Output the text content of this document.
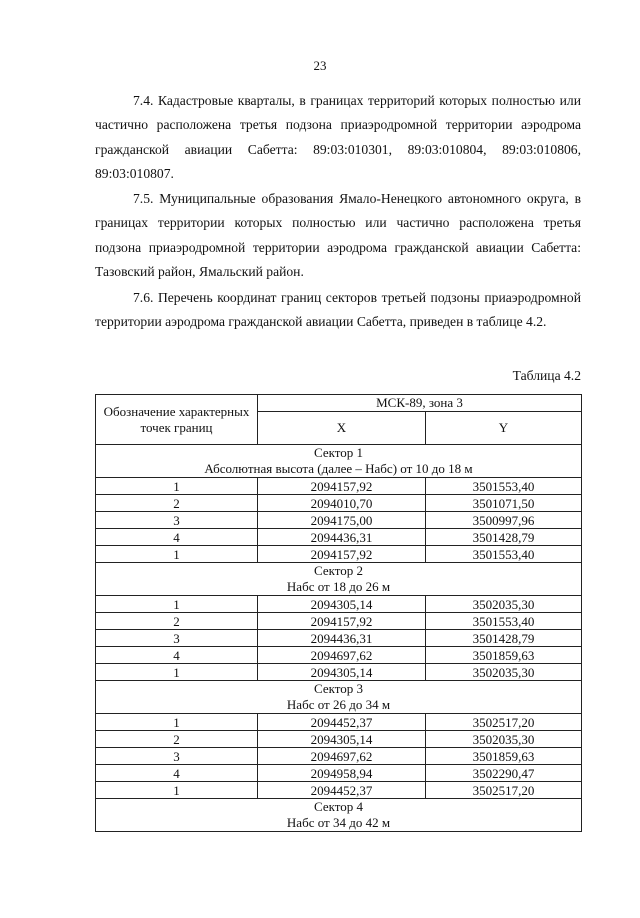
23

7.4. Кадастровые кварталы, в границах территорий которых полностью или частично расположена третья подзона приаэродромной территории аэродрома гражданской авиации Сабетта: 89:03:010301, 89:03:010804, 89:03:010806, 89:03:010807.

7.5. Муниципальные образования Ямало-Ненецкого автономного округа, в границах территории которых полностью или частично расположена третья подзона приаэродромной территории аэродрома гражданской авиации Сабетта: Тазовский район, Ямальский район.

7.6. Перечень координат границ секторов третьей подзоны приаэродромной территории аэродрома гражданской авиации Сабетта, приведен в таблице 4.2.

Таблица 4.2
Обозначение характерных точек границ	МСК-89, зона 3	
	X	Y

Сектор 1
Абсолютная высота (далее – Набс) от 10 до 18 м		

1	2094157,92	3501553,40
2	2094010,70	3501071,50
3	2094175,00	3500997,96
4	2094436,31	3501428,79
1	2094157,92	3501553,40

Сектор 2
Набс от 18 до 26 м		

1	2094305,14	3502035,30
2	2094157,92	3501553,40
3	2094436,31	3501428,79
4	2094697,62	3501859,63
1	2094305,14	3502035,30

Сектор 3
Набс от 26 до 34 м		

1	2094452,37	3502517,20
2	2094305,14	3502035,30
3	2094697,62	3501859,63
4	2094958,94	3502290,47
1	2094452,37	3502517,20

Сектор 4
Набс от 34 до 42 м		
